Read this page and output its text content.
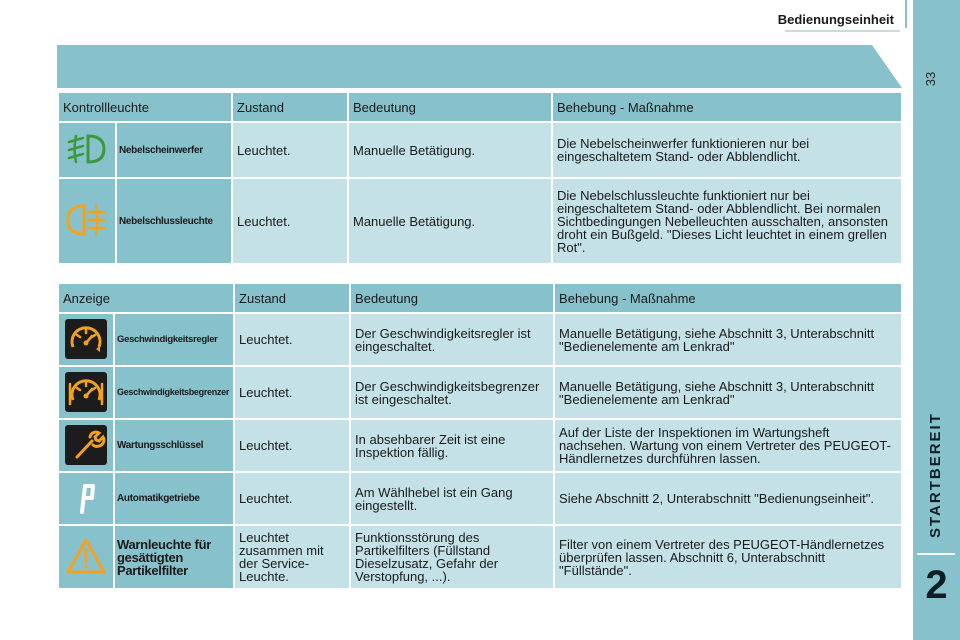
Bedienungseinheit
33
STARTBEREIT
2
Kontrollleuchte		Zustand	Bedeutung	Behebung - Maßnahme

	Nebelscheinwerfer	Leuchtet.	Manuelle Betätigung.	Die Nebelscheinwerfer funktionieren nur bei eingeschaltetem Stand- oder Abblendlicht.

	Nebelschlussleuchte	Leuchtet.	Manuelle Betätigung.	Die Nebelschlussleuchte funktioniert nur bei eingeschaltetem Stand- oder Abblendlicht. Bei normalen Sichtbedingungen Nebelleuchten ausschalten, ansonsten droht ein Bußgeld. "Dieses Licht leuchtet in einem grellen Rot".
Anzeige		Zustand	Bedeutung	Behebung - Maßnahme

	Geschwindigkeitsregler	Leuchtet.	Der Geschwindigkeitsregler ist eingeschaltet.	Manuelle Betätigung, siehe Abschnitt 3, Unterabschnitt "Bedienelemente am Lenkrad"

	Geschwindigkeitsbegrenzer	Leuchtet.	Der Geschwindigkeitsbegrenzer ist eingeschaltet.	Manuelle Betätigung, siehe Abschnitt 3, Unterabschnitt "Bedienelemente am Lenkrad"

	Wartungsschlüssel	Leuchtet.	In absehbarer Zeit ist eine Inspektion fällig.	Auf der Liste der Inspektionen im Wartungsheft nachsehen. Wartung von einem Vertreter des PEUGEOT-Händlernetzes durchführen lassen.

	Automatikgetriebe	Leuchtet.	Am Wählhebel ist ein Gang eingestellt.	Siehe Abschnitt 2, Unterabschnitt "Bedienungseinheit".

	Warnleuchte für gesättigten Partikelfilter	Leuchtet zusammen mit der Service-Leuchte.	Funktionsstörung des Partikelfilters (Füllstand Dieselzusatz, Gefahr der Verstopfung, ...).	Filter von einem Vertreter des PEUGEOT-Händlernetzes überprüfen lassen. Abschnitt 6, Unterabschnitt "Füllstände".
